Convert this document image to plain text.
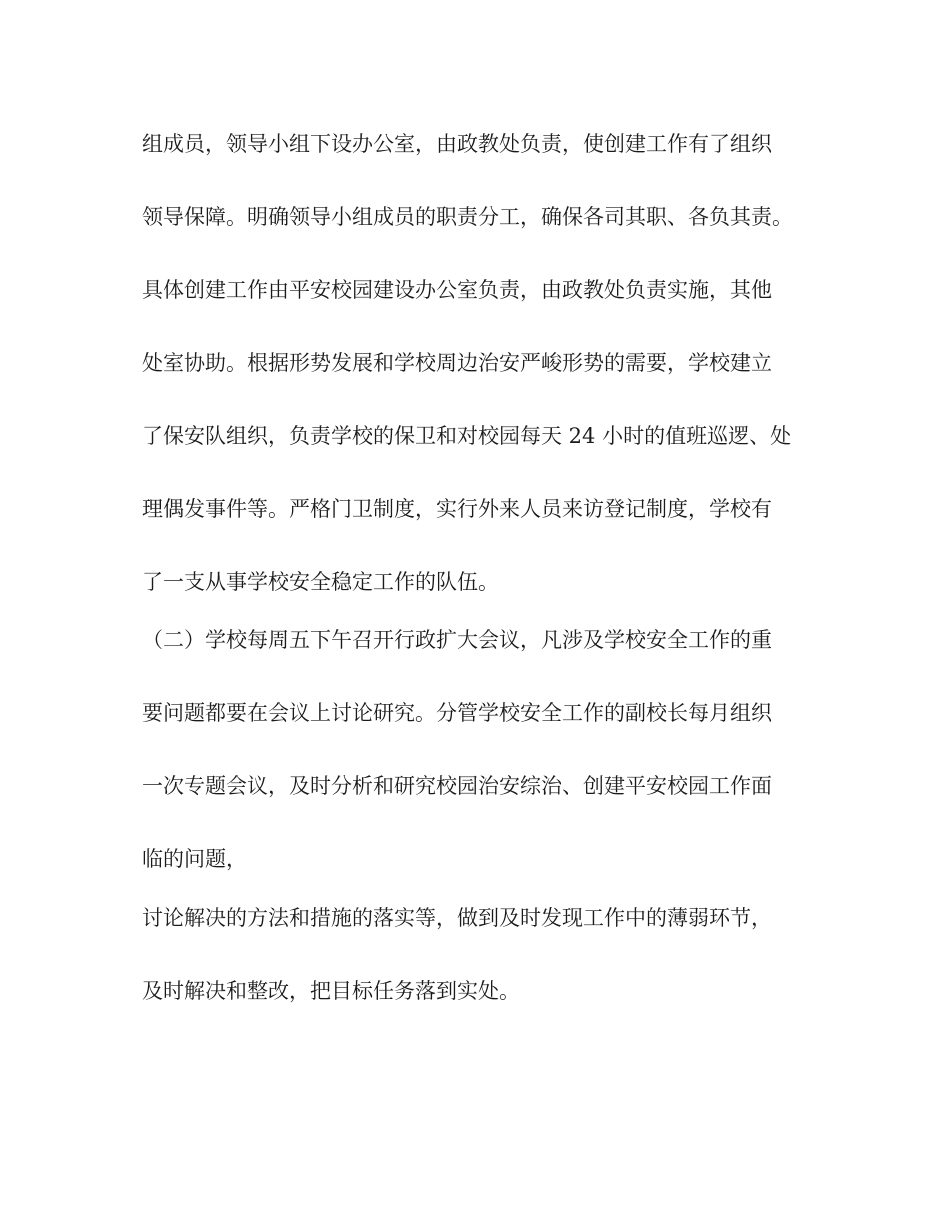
组成员，领导小组下设办公室，由政教处负责，使创建工作有了组织
领导保障。明确领导小组成员的职责分工，确保各司其职、各负其责。
具体创建工作由平安校园建设办公室负责，由政教处负责实施，其他
处室协助。根据形势发展和学校周边治安严峻形势的需要，学校建立
了保安队组织，负责学校的保卫和对校园每天 24 小时的值班巡逻、处
理偶发事件等。严格门卫制度，实行外来人员来访登记制度，学校有
了一支从事学校安全稳定工作的队伍。
（二）学校每周五下午召开行政扩大会议，凡涉及学校安全工作的重
要问题都要在会议上讨论研究。分管学校安全工作的副校长每月组织
一次专题会议，及时分析和研究校园治安综治、创建平安校园工作面
临的问题，
讨论解决的方法和措施的落实等，做到及时发现工作中的薄弱环节，
及时解决和整改，把目标任务落到实处。
